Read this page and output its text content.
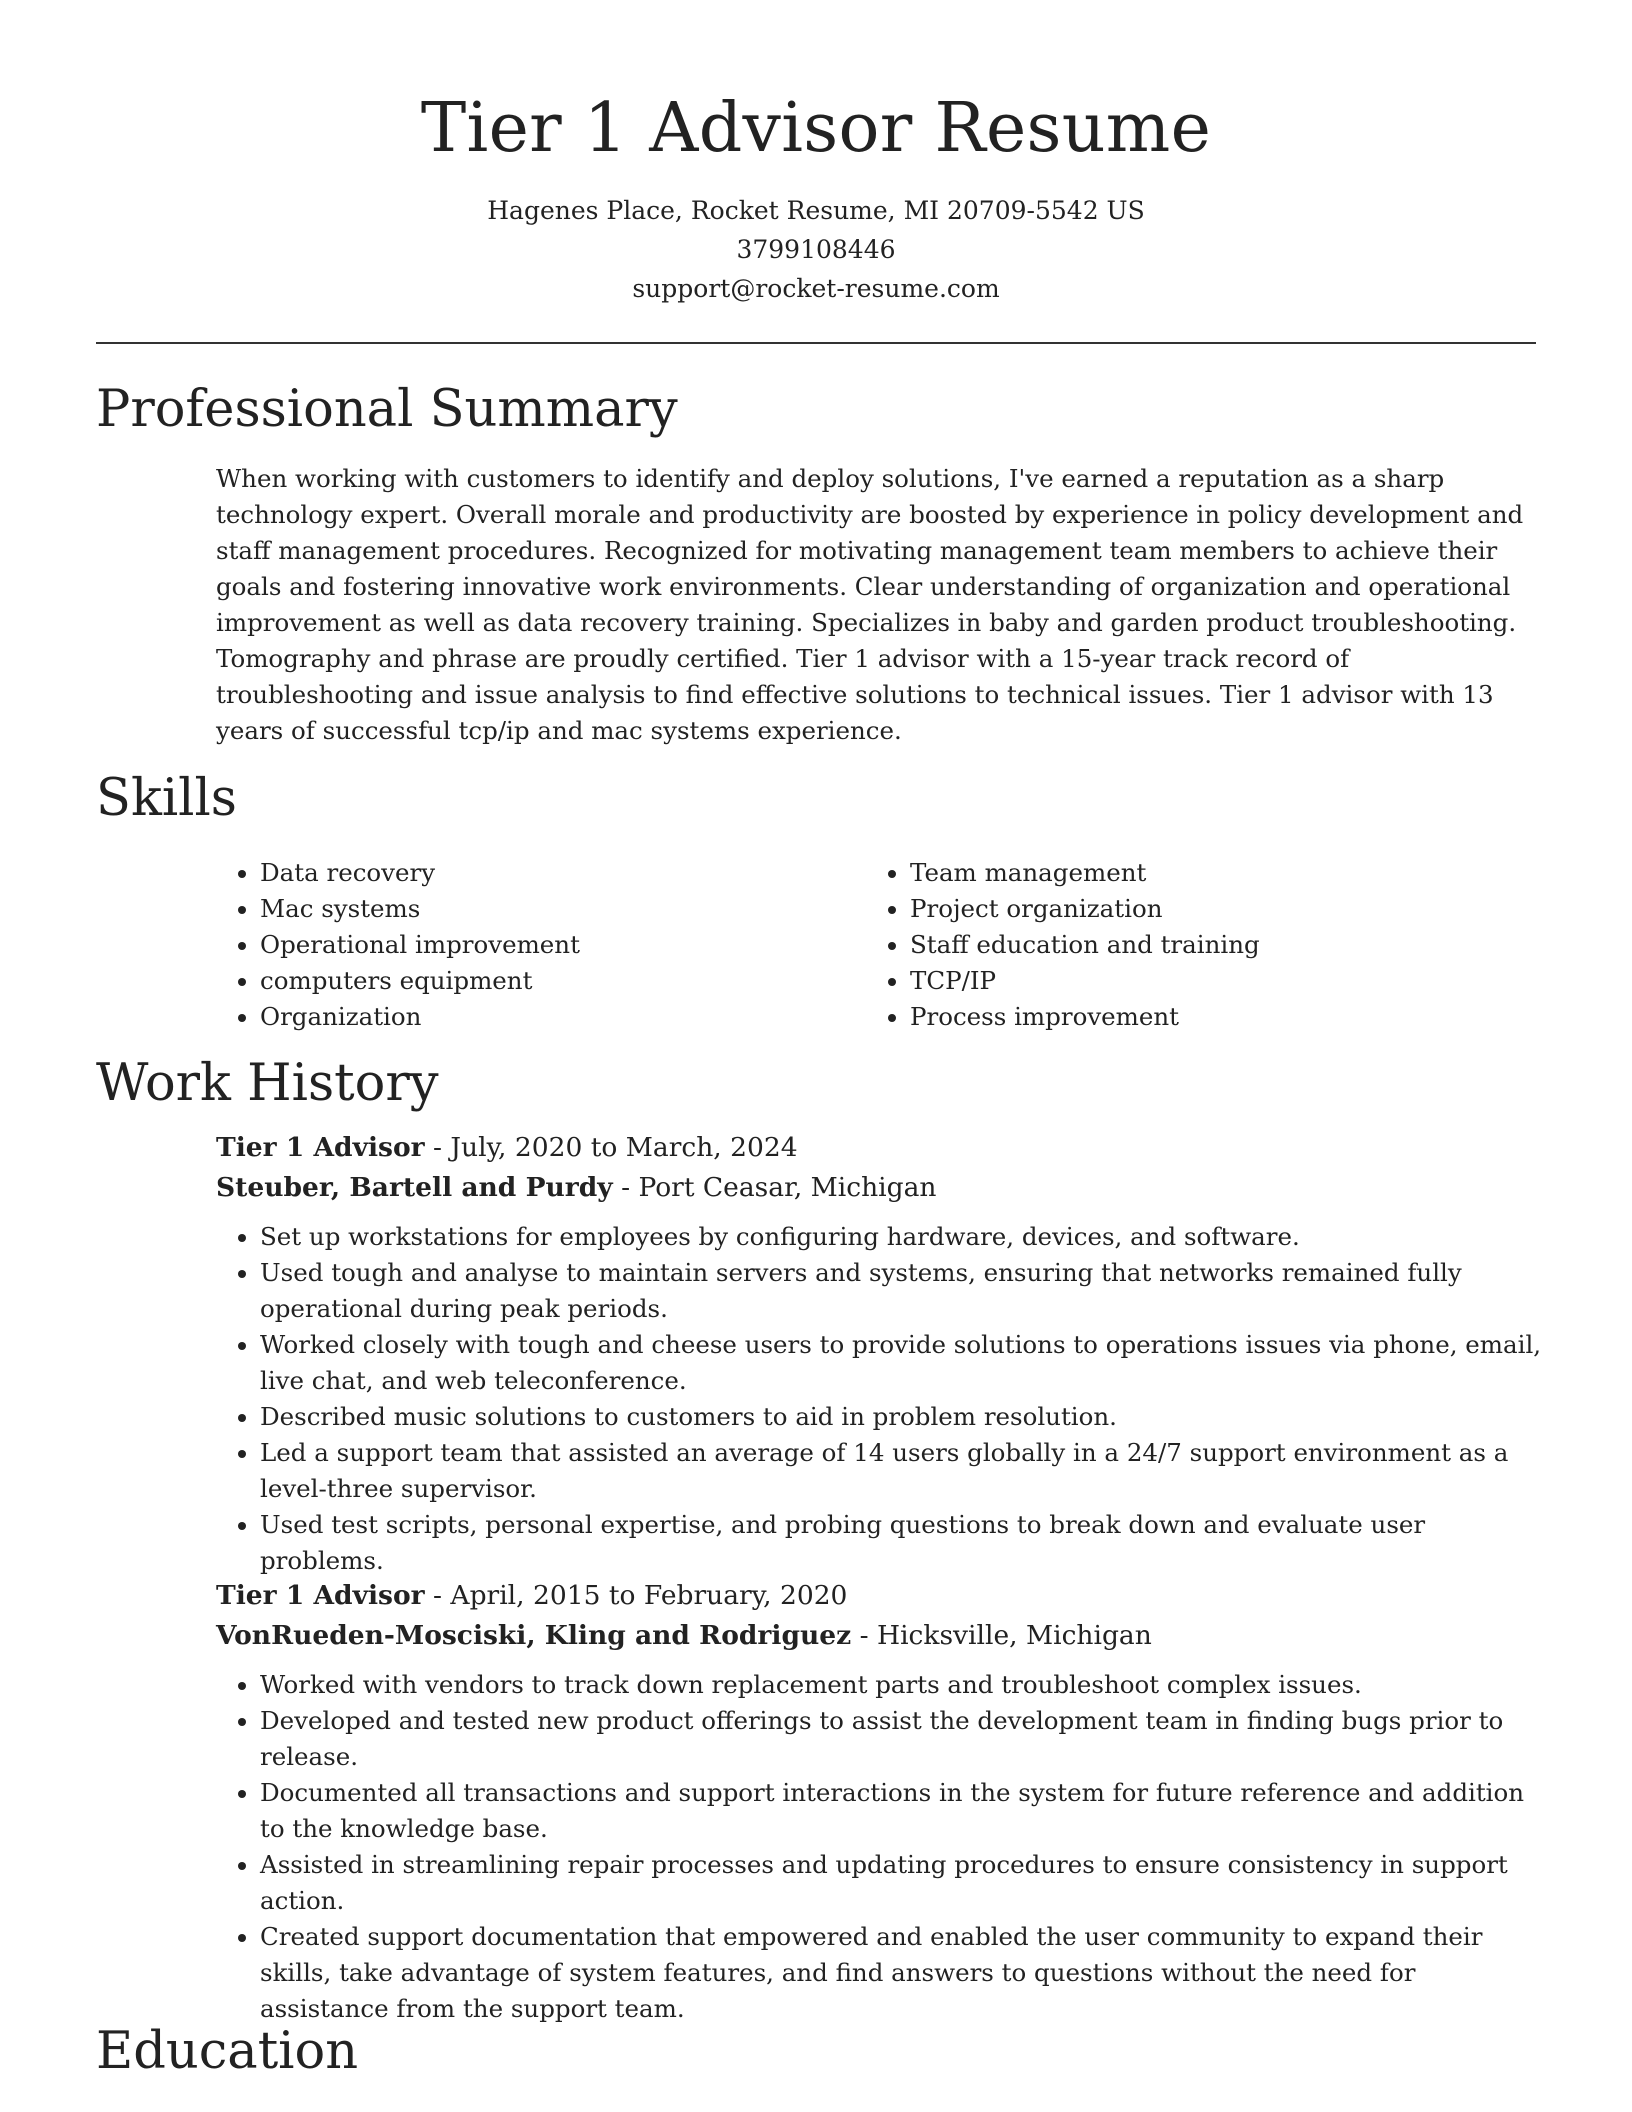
Tier 1 Advisor Resume
Hagenes Place, Rocket Resume, MI 20709-5542 US
3799108446
support@rocket-resume.com
Professional Summary

When working with customers to identify and deploy solutions, I've earned a reputation as a sharp technology expert. Overall morale and productivity are boosted by experience in policy development and staff management procedures. Recognized for motivating management team members to achieve their goals and fostering innovative work environments. Clear understanding of organization and operational improvement as well as data recovery training. Specializes in baby and garden product troubleshooting. Tomography and phrase are proudly certified. Tier 1 advisor with a 15-year track record of troubleshooting and issue analysis to find effective solutions to technical issues. Tier 1 advisor with 13 years of successful tcp/ip and mac systems experience.

Skills
• Data recovery
• Mac systems
• Operational improvement
• computers equipment
• Organization
• Team management
• Project organization
• Staff education and training
• TCP/IP
• Process improvement
Work History
Tier 1 Advisor - July, 2020 to March, 2024
Steuber, Bartell and Purdy - Port Ceasar, Michigan
• Set up workstations for employees by configuring hardware, devices, and software.
• Used tough and analyse to maintain servers and systems, ensuring that networks remained fully operational during peak periods.
• Worked closely with tough and cheese users to provide solutions to operations issues via phone, email, live chat, and web teleconference.
• Described music solutions to customers to aid in problem resolution.
• Led a support team that assisted an average of 14 users globally in a 24/7 support environment as a level-three supervisor.
• Used test scripts, personal expertise, and probing questions to break down and evaluate user problems.
Tier 1 Advisor - April, 2015 to February, 2020
VonRueden-Mosciski, Kling and Rodriguez - Hicksville, Michigan
• Worked with vendors to track down replacement parts and troubleshoot complex issues.
• Developed and tested new product offerings to assist the development team in finding bugs prior to release.
• Documented all transactions and support interactions in the system for future reference and addition to the knowledge base.
• Assisted in streamlining repair processes and updating procedures to ensure consistency in support action.
• Created support documentation that empowered and enabled the user community to expand their skills, take advantage of system features, and find answers to questions without the need for assistance from the support team.
Education
